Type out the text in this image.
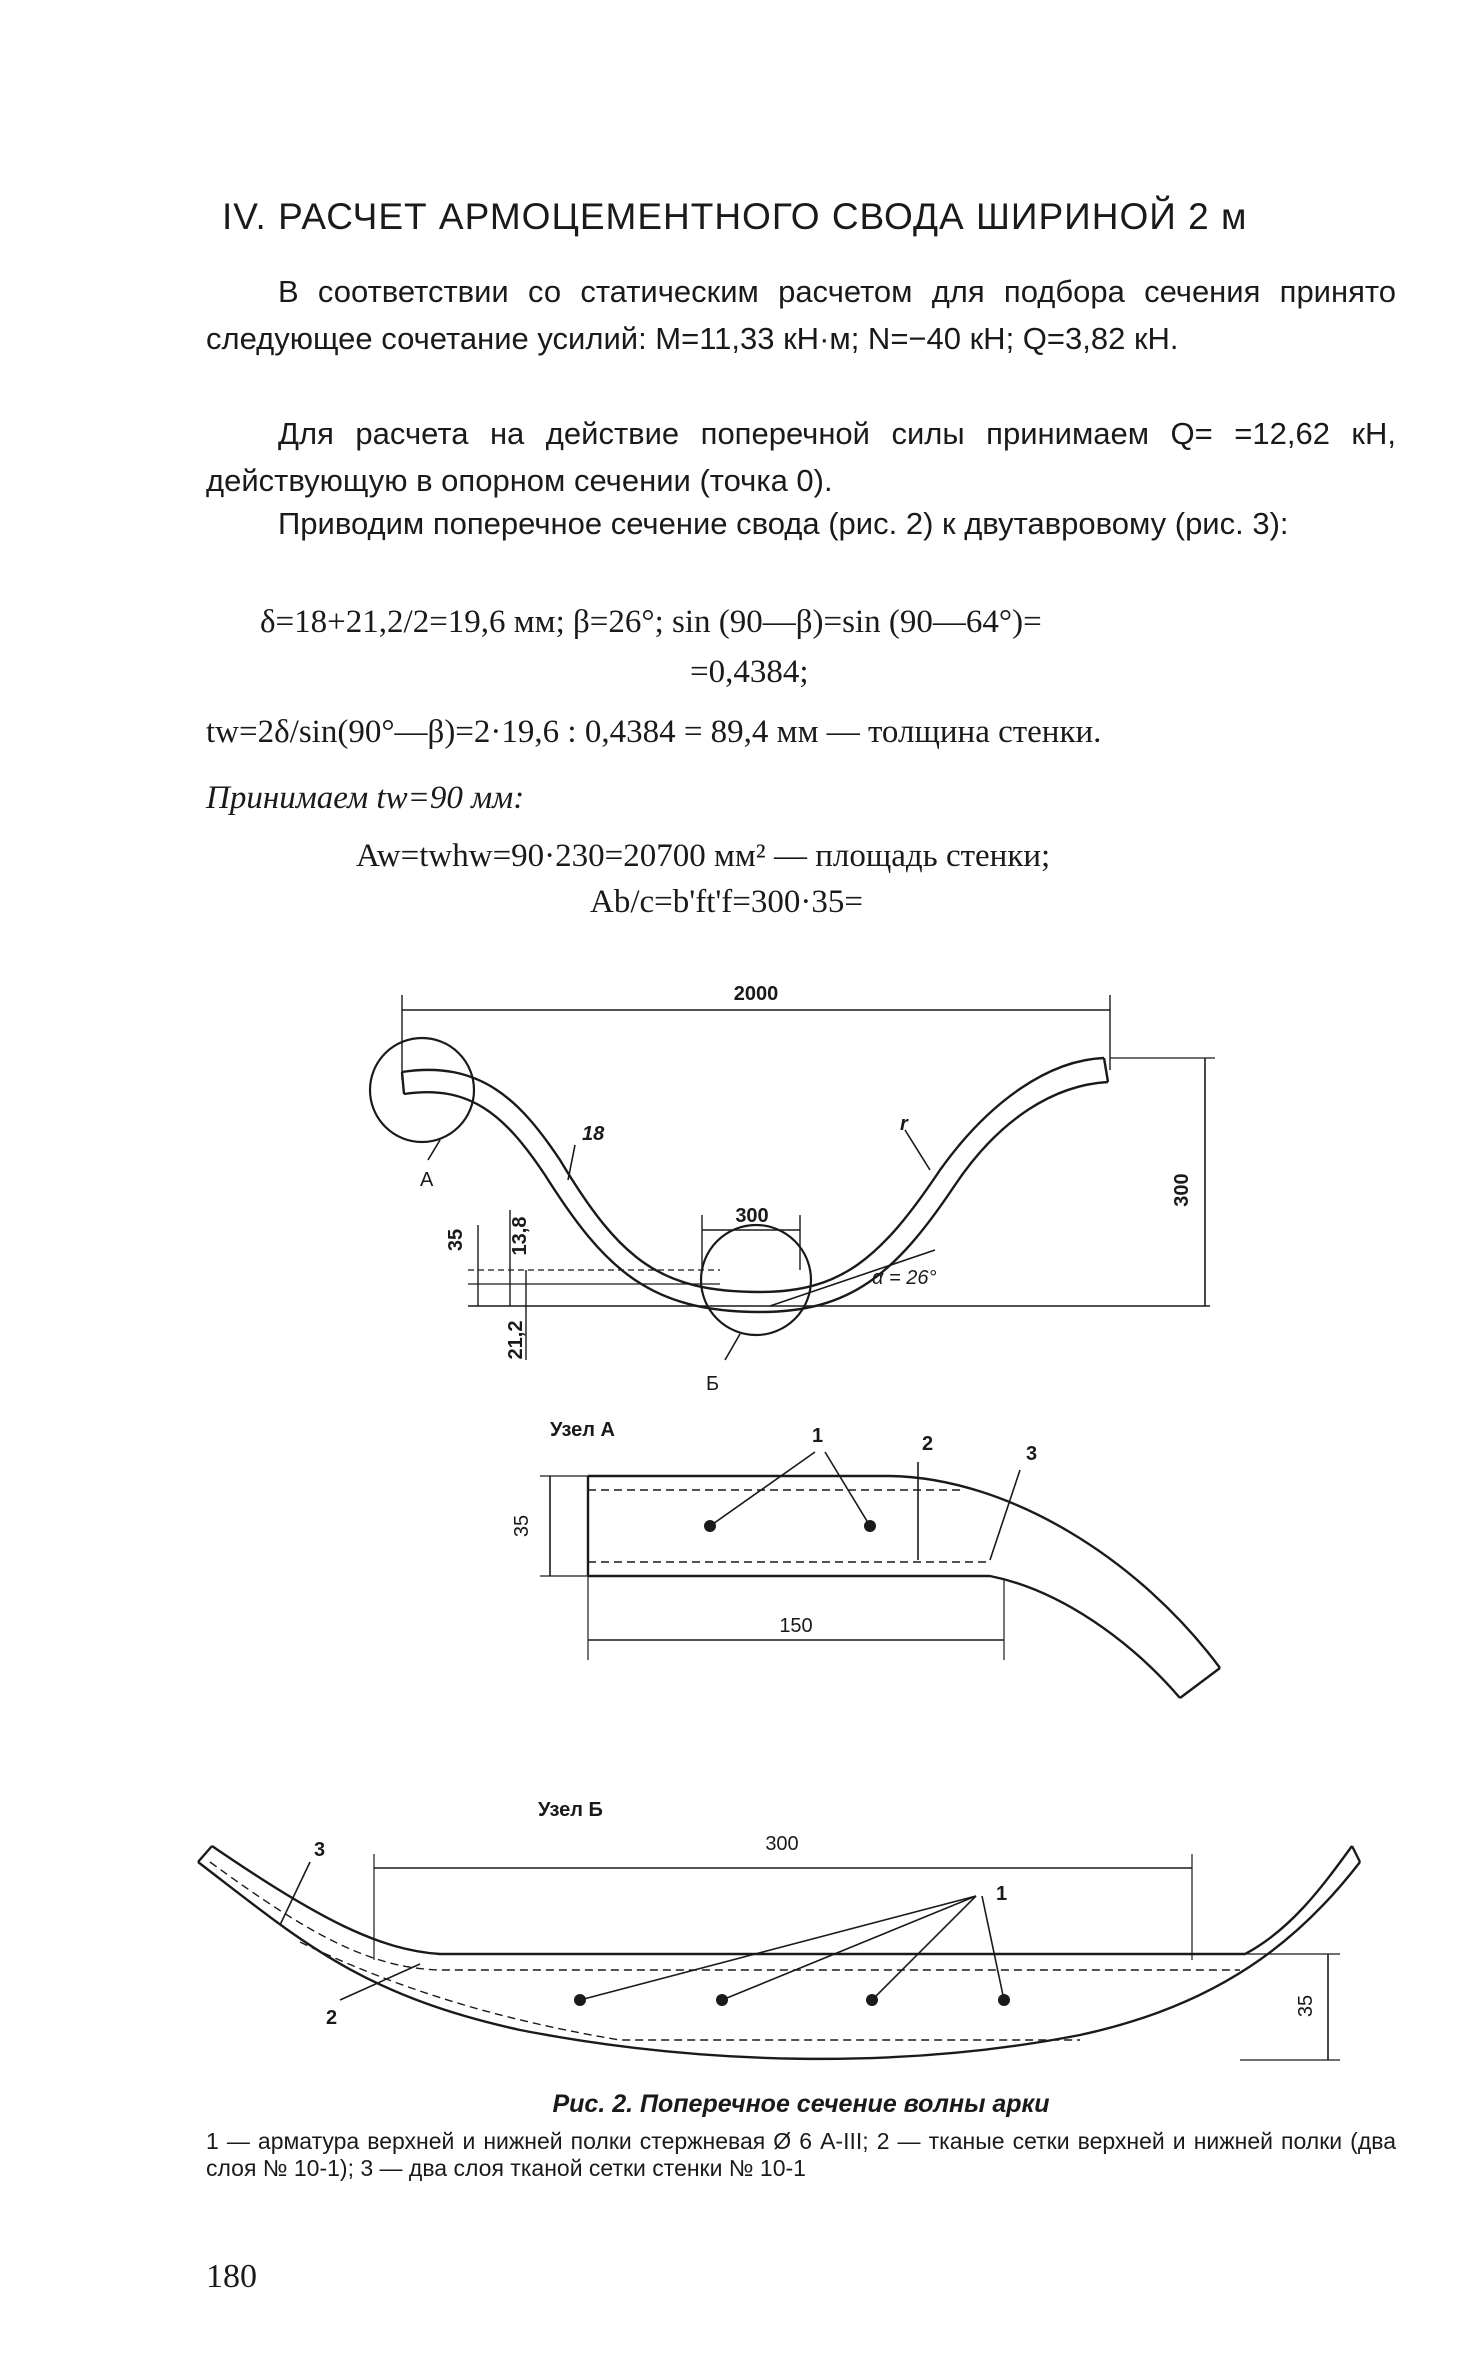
IV. РАСЧЕТ АРМОЦЕМЕНТНОГО СВОДА ШИРИНОЙ 2 м
В соответствии со статическим расчетом для подбора сечения принято следующее сочетание усилий: M=11,33 кН·м; N=−40 кН; Q=3,82 кН.
Для расчета на действие поперечной силы принимаем Q= =12,62 кН, действующую в опорном сечении (точка 0).
Приводим поперечное сечение свода (рис. 2) к двутавровому (рис. 3):
δ=18+21,2/2=19,6 мм; β=26°; sin (90—β)=sin (90—64°)=
=0,4384;
tw=2δ/sin(90°—β)=2·19,6 : 0,4384 = 89,4 мм — толщина стенки.
Принимаем tw=90 мм:
Aw=twhw=90·230=20700 мм² — площадь стенки;
Ab/c=b'ft'f=300·35=
2000
300
300
18	r
α = 26°
35 13,8
21,2
А
Б
Узел А
35
150
1	2	3
Узел Б
300
35
3
2
1
Рис. 2. Поперечное сечение волны арки
1 — арматура верхней и нижней полки стержневая Ø 6 А-III; 2 — тканые сетки верхней и нижней полки (два слоя № 10-1); 3 — два слоя тканой сетки стенки № 10-1
180
